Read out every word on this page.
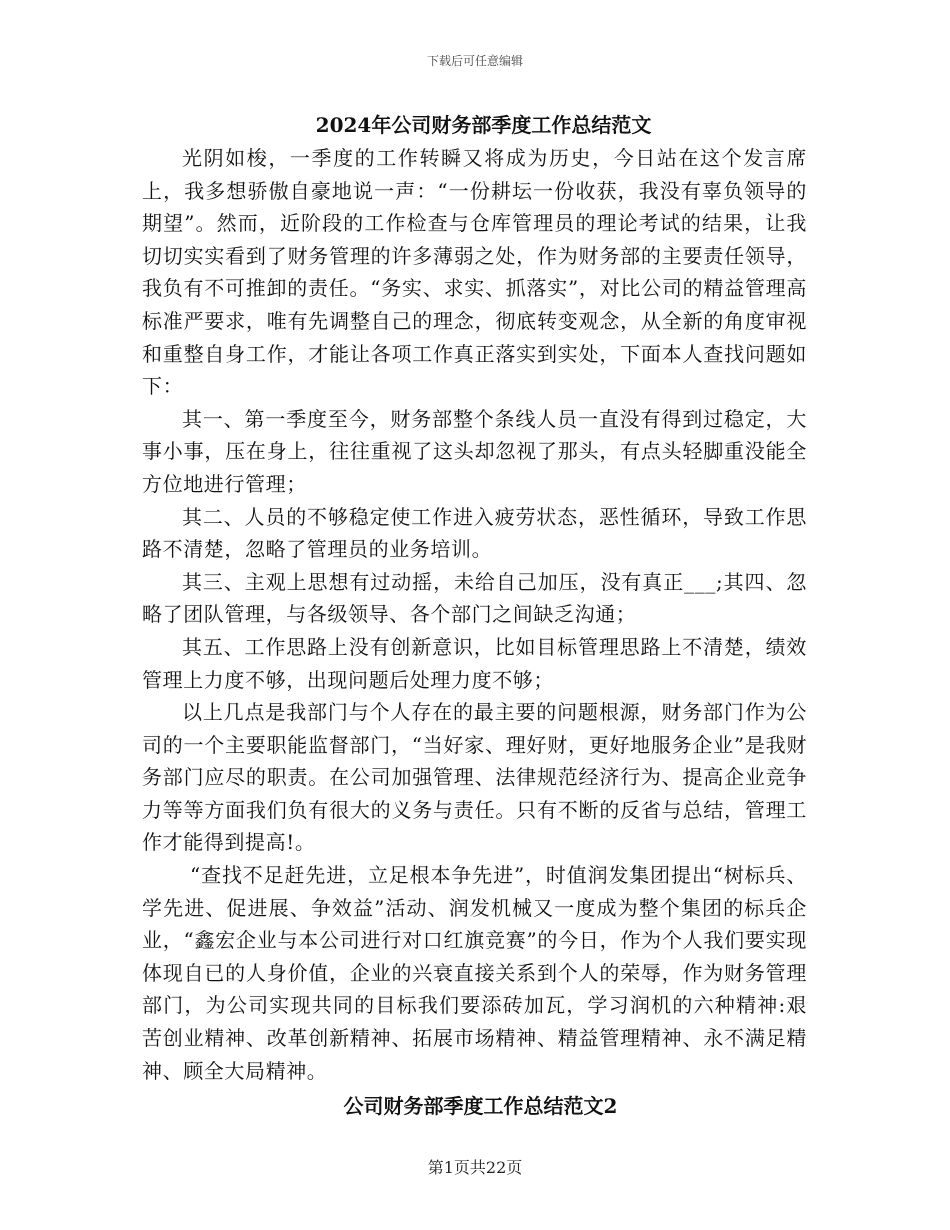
下载后可任意编辑
2024年公司财务部季度工作总结范文

光阴如梭，一季度的工作转瞬又将成为历史，今日站在这个发言席上，我多想骄傲自豪地说一声：“一份耕坛一份收获，我没有辜负领导的期望”。然而，近阶段的工作检查与仓库管理员的理论考试的结果，让我切切实实看到了财务管理的许多薄弱之处，作为财务部的主要责任领导，我负有不可推卸的责任。“务实、求实、抓落实”，对比公司的精益管理高标准严要求，唯有先调整自己的理念，彻底转变观念，从全新的角度审视和重整自身工作，才能让各项工作真正落实到实处，下面本人查找问题如下：

其一、第一季度至今，财务部整个条线人员一直没有得到过稳定，大事小事，压在身上，往往重视了这头却忽视了那头，有点头轻脚重没能全方位地进行管理；

其二、人员的不够稳定使工作进入疲劳状态，恶性循环，导致工作思路不清楚，忽略了管理员的业务培训。

其三、主观上思想有过动摇，未给自己加压，没有真正___;其四、忽略了团队管理，与各级领导、各个部门之间缺乏沟通；

其五、工作思路上没有创新意识，比如目标管理思路上不清楚，绩效管理上力度不够，出现问题后处理力度不够；

以上几点是我部门与个人存在的最主要的问题根源，财务部门作为公司的一个主要职能监督部门，“当好家、理好财，更好地服务企业”是我财务部门应尽的职责。在公司加强管理、法律规范经济行为、提高企业竞争力等等方面我们负有很大的义务与责任。只有不断的反省与总结，管理工作才能得到提高!。

“查找不足赶先进，立足根本争先进”，时值润发集团提出“树标兵、学先进、促进展、争效益”活动、润发机械又一度成为整个集团的标兵企业，“鑫宏企业与本公司进行对口红旗竞赛”的今日，作为个人我们要实现体现自已的人身价值，企业的兴衰直接关系到个人的荣辱，作为财务管理部门，为公司实现共同的目标我们要添砖加瓦，学习润机的六种精神:艰苦创业精神、改革创新精神、拓展市场精神、精益管理精神、永不满足精神、顾全大局精神。

公司财务部季度工作总结范文2
第1页共22页
